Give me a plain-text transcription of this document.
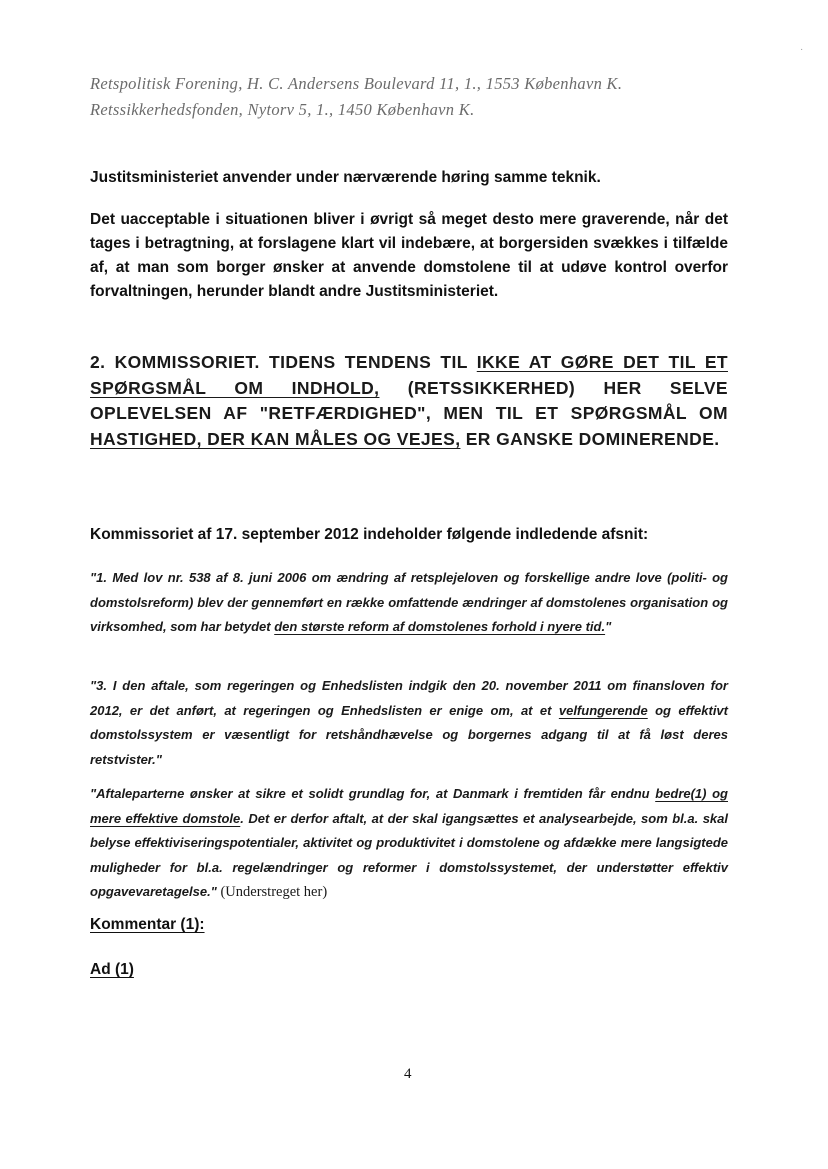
·
Retspolitisk Forening, H. C. Andersens Boulevard 11, 1., 1553 København K.
Retssikkerhedsfonden, Nytorv 5, 1., 1450 København K.
Justitsministeriet anvender under nærværende høring samme teknik.
Det uacceptable i situationen bliver i øvrigt så meget desto mere graverende, når det tages i betragtning, at forslagene klart vil indebære, at borgersiden svækkes i tilfælde af, at man som borger ønsker at anvende domstolene til at udøve kontrol overfor forvaltningen, herunder blandt andre Justitsministeriet.
2. KOMMISSORIET. TIDENS TENDENS TIL IKKE AT GØRE DET TIL ET SPØRGSMÅL OM INDHOLD, (RETSSIKKERHED) HER SELVE OPLEVELSEN AF "RETFÆRDIGHED", MEN TIL ET SPØRGSMÅL OM HASTIGHED, DER KAN MÅLES OG VEJES, ER GANSKE DOMINERENDE.
Kommissoriet af 17. september 2012 indeholder følgende indledende afsnit:
"1. Med lov nr. 538 af 8. juni 2006 om ændring af retsplejeloven og forskellige andre love (politi- og domstolsreform) blev der gennemført en række omfattende ændringer af domstolenes organisation og virksomhed, som har betydet den største reform af domstolenes forhold i nyere tid."
"3. I den aftale, som regeringen og Enhedslisten indgik den 20. november 2011 om finansloven for 2012, er det anført, at regeringen og Enhedslisten er enige om, at et velfungerende og effektivt domstolssystem er væsentligt for retshåndhævelse og borgernes adgang til at få løst deres retstvister."
"Aftaleparterne ønsker at sikre et solidt grundlag for, at Danmark i fremtiden får endnu bedre(1) og mere effektive domstole. Det er derfor aftalt, at der skal igangsættes et analysearbejde, som bl.a. skal belyse effektiviseringspotentialer, aktivitet og produktivitet i domstolene og afdække mere langsigtede muligheder for bl.a. regelændringer og reformer i domstolssystemet, der understøtter effektiv opgavevaretagelse." (Understreget her)
Kommentar (1):
Ad (1)
4
